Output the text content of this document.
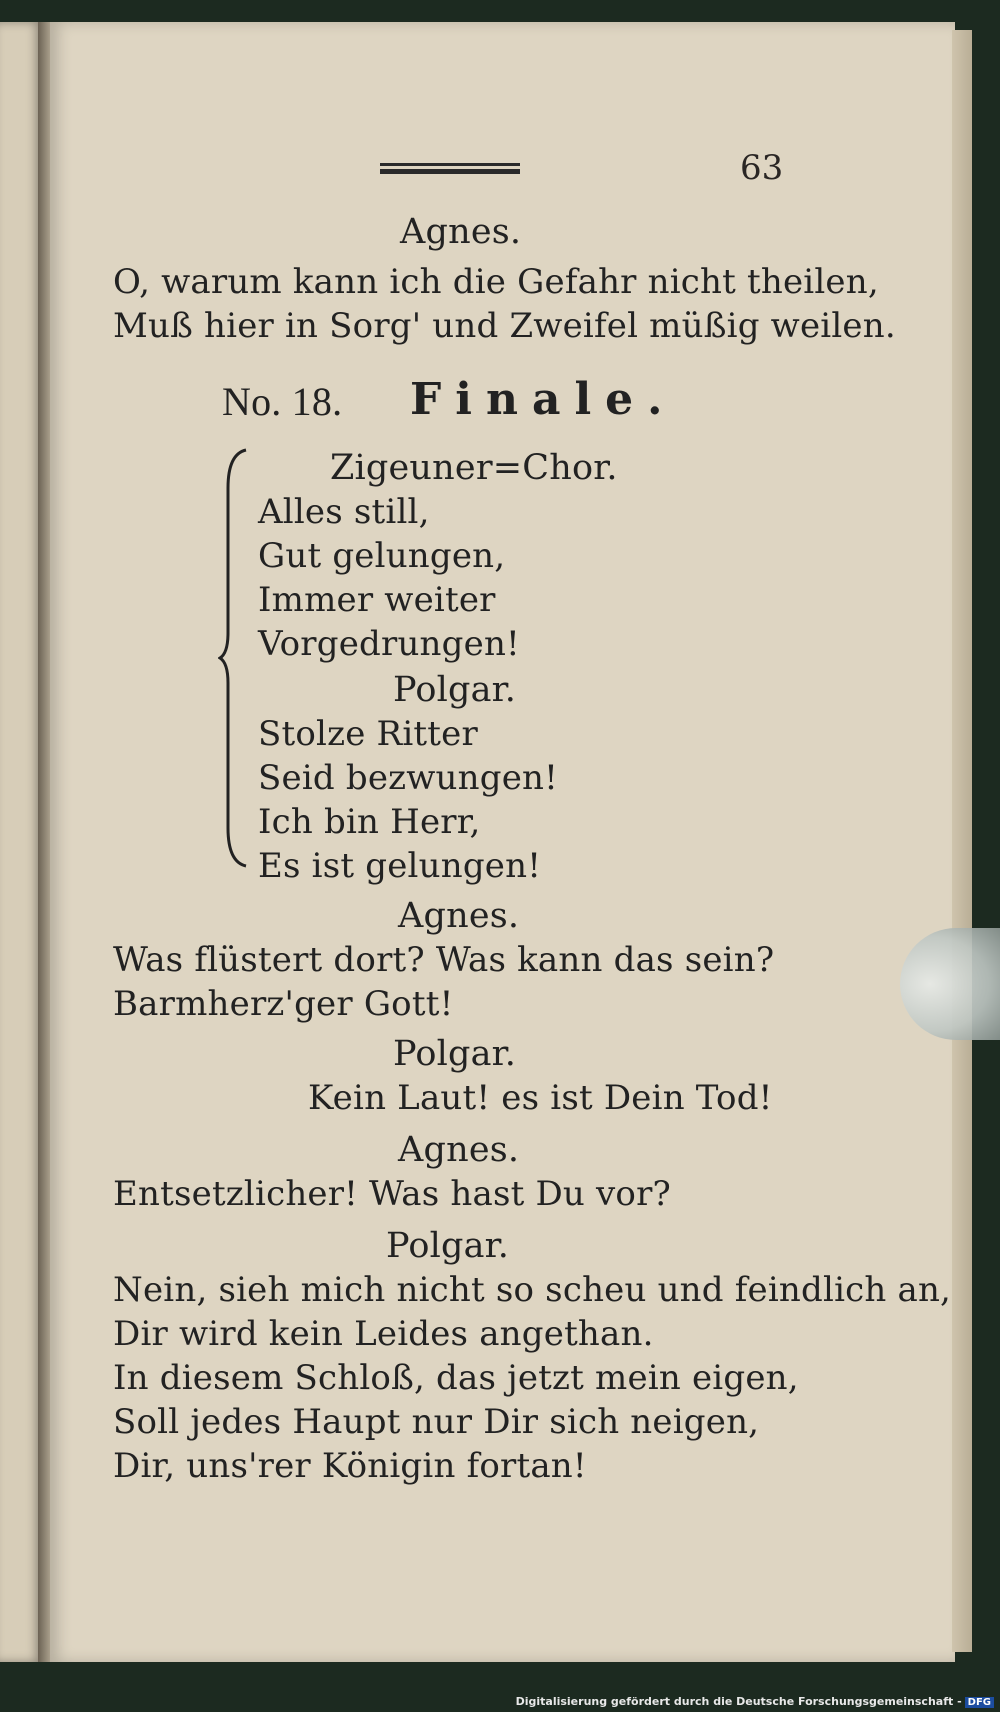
63
Agnes.
O, warum kann ich die Gefahr nicht theilen,
Muß hier in Sorg' und Zweifel müßig weilen.
No. 18. Finale.
Zigeuner=Chor.
Alles still,
Gut gelungen,
Immer weiter
Vorgedrungen!
Polgar.
Stolze Ritter
Seid bezwungen!
Ich bin Herr,
Es ist gelungen!
Agnes.
Was flüstert dort? Was kann das sein?
Barmherz'ger Gott!
Polgar.
Kein Laut! es ist Dein Tod!
Agnes.
Entsetzlicher! Was hast Du vor?
Polgar.
Nein, sieh mich nicht so scheu und feindlich an,
Dir wird kein Leides angethan.
In diesem Schloß, das jetzt mein eigen,
Soll jedes Haupt nur Dir sich neigen,
Dir, uns'rer Königin fortan!
Digitalisierung gefördert durch die Deutsche Forschungsgemeinschaft - DFG
